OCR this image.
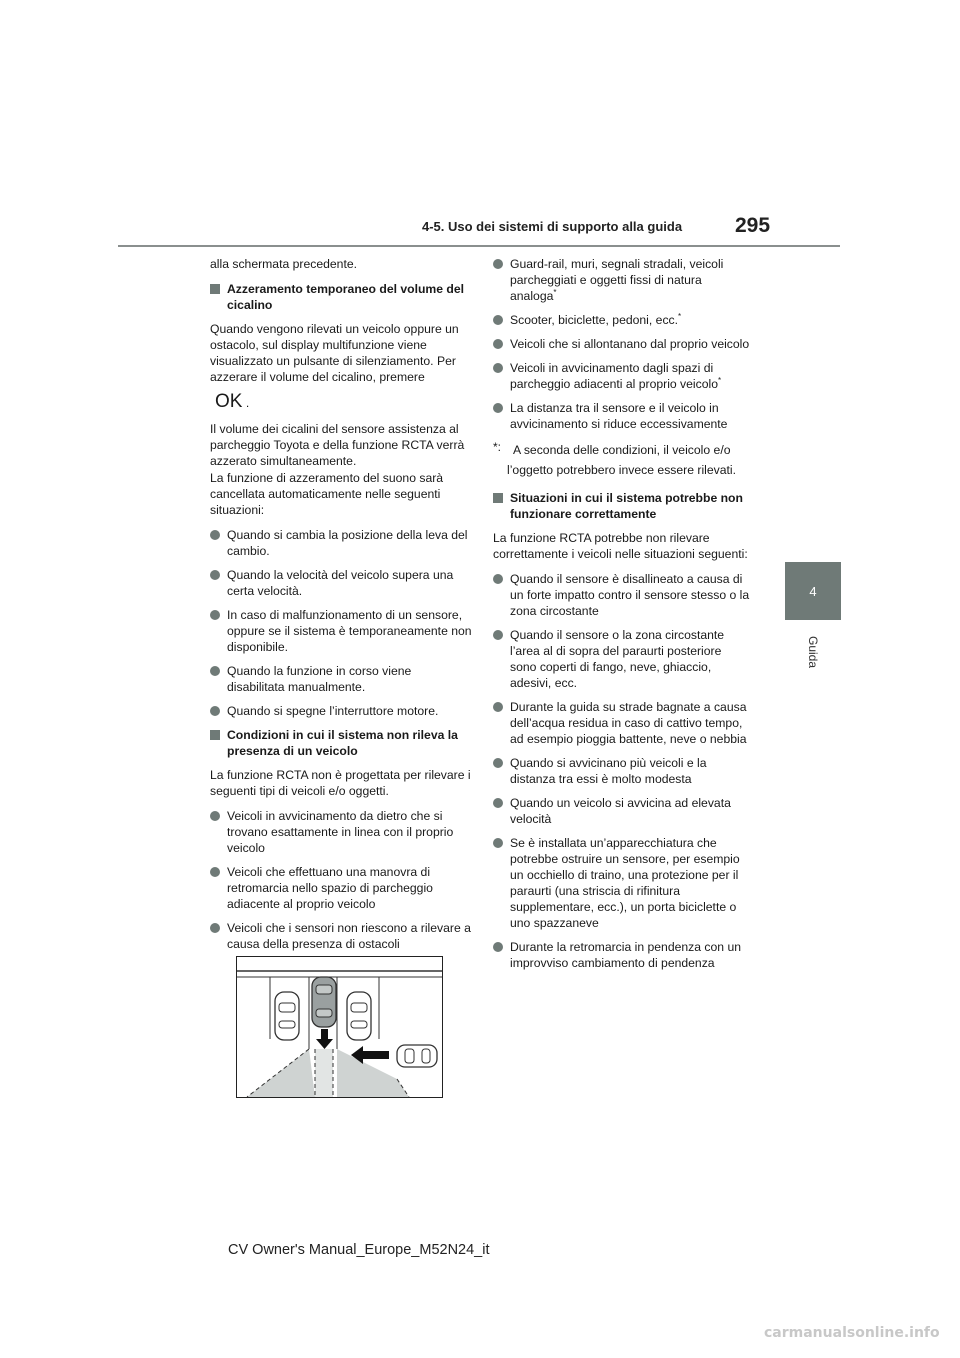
4-5. Uso dei sistemi di supporto alla guida	295
4
Guida

alla schermata precedente.

Azzeramento temporaneo del volume del cicalino

Quando vengono rilevati un veicolo oppure un ostacolo, sul display multifunzione viene visualizzato un pulsante di silenziamento. Per azzerare il volume del cicalino, premere

OK .

Il volume dei cicalini del sensore assistenza al parcheggio Toyota e della funzione RCTA verrà azzerato simultaneamente.

La funzione di azzeramento del suono sarà cancellata automaticamente nelle seguenti situazioni:

Quando si cambia la posizione della leva del cambio.
Quando la velocità del veicolo supera una certa velocità.
In caso di malfunzionamento di un sensore, oppure se il sistema è temporaneamente non disponibile.
Quando la funzione in corso viene disabilitata manualmente.
Quando si spegne l’interruttore motore.
Condizioni in cui il sistema non rileva la presenza di un veicolo

La funzione RCTA non è progettata per rilevare i seguenti tipi di veicoli e/o oggetti.

Veicoli in avvicinamento da dietro che si trovano esattamente in linea con il proprio veicolo
Veicoli che effettuano una manovra di retromarcia nello spazio di parcheggio adiacente al proprio veicolo
Veicoli che i sensori non riescono a rilevare a causa della presenza di ostacoli
Guard-rail, muri, segnali stradali, veicoli parcheggiati e oggetti fissi di natura analoga*
Scooter, biciclette, pedoni, ecc.*
Veicoli che si allontanano dal proprio veicolo
Veicoli in avvicinamento dagli spazi di parcheggio adiacenti al proprio veicolo*
La distanza tra il sensore e il veicolo in avvicinamento si riduce eccessivamente
*: A seconda delle condizioni, il veicolo e/o l’oggetto potrebbero invece essere rilevati.
Situazioni in cui il sistema potrebbe non funzionare correttamente

La funzione RCTA potrebbe non rilevare correttamente i veicoli nelle situazioni seguenti:

Quando il sensore è disallineato a causa di un forte impatto contro il sensore stesso o la zona circostante
Quando il sensore o la zona circostante l’area al di sopra del paraurti posteriore sono coperti di fango, neve, ghiaccio, adesivi, ecc.
Durante la guida su strade bagnate a causa dell’acqua residua in caso di cattivo tempo, ad esempio pioggia battente, neve o nebbia
Quando si avvicinano più veicoli e la distanza tra essi è molto modesta
Quando un veicolo si avvicina ad elevata velocità
Se è installata un’apparecchiatura che potrebbe ostruire un sensore, per esempio un occhiello di traino, una protezione per il paraurti (una striscia di rifinitura supplementare, ecc.), un porta biciclette o uno spazzaneve
Durante la retromarcia in pendenza con un improvviso cambiamento di pendenza
CV Owner's Manual_Europe_M52N24_it
carmanualsonline.info
